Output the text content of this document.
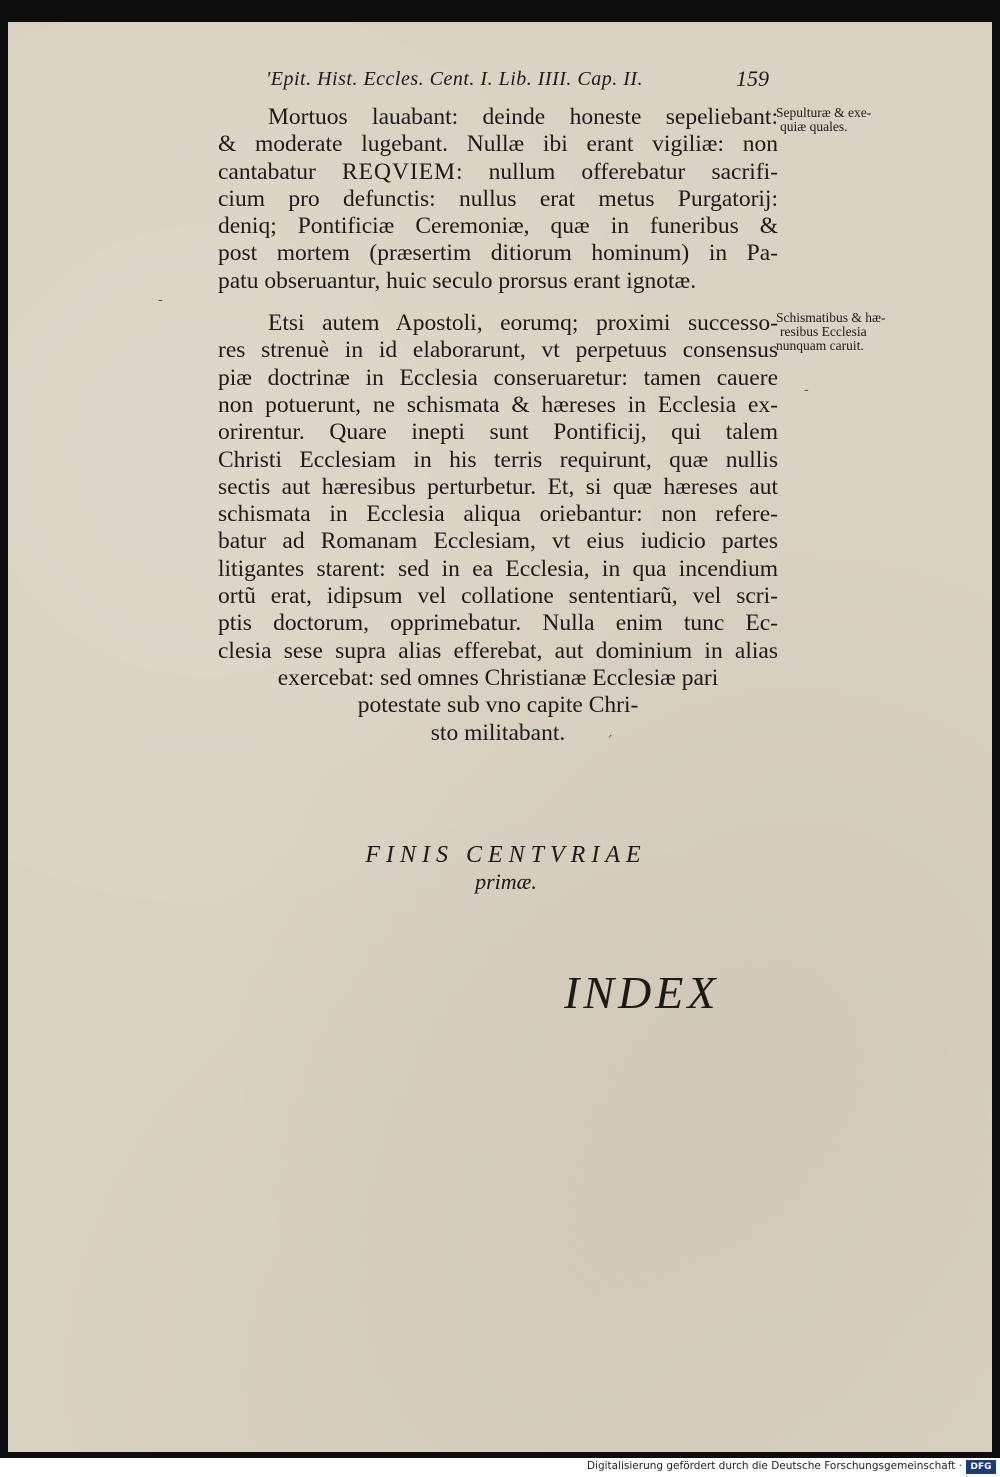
'Epit. Hist. Eccles. Cent. I. Lib. IIII. Cap. II.	159
Mortuos lauabant: deinde honeste sepeliebant:
& moderate lugebant. Nullæ ibi erant vigiliæ: non
cantabatur REQVIEM: nullum offerebatur sacrifi-
cium pro defunctis: nullus erat metus Purgatorij:
deniq; Pontificiæ Ceremoniæ, quæ in funeribus &
post mortem (præsertim ditiorum hominum) in Pa-
patu obseruantur, huic seculo prorsus erant ignotæ.
Etsi autem Apostoli, eorumq; proximi successo-
res strenuè in id elaborarunt, vt perpetuus consensus
piæ doctrinæ in Ecclesia conseruaretur: tamen cauere
non potuerunt, ne schismata & hæreses in Ecclesia ex-
orirentur. Quare inepti sunt Pontificij, qui talem
Christi Ecclesiam in his terris requirunt, quæ nullis
sectis aut hæresibus perturbetur. Et, si quæ hæreses aut
schismata in Ecclesia aliqua oriebantur: non refere-
batur ad Romanam Ecclesiam, vt eius iudicio partes
litigantes starent: sed in ea Ecclesia, in qua incendium
ortũ erat, idipsum vel collatione sententiarũ, vel scri-
ptis doctorum, opprimebatur. Nulla enim tunc Ec-
clesia sese supra alias efferebat, aut dominium in alias
exercebat: sed omnes Christianæ Ecclesiæ pari
potestate sub vno capite Chri-
sto militabant.
Sepulturæ & exe-
quiæ quales.
Schismatibus & hæ-
resibus Ecclesia
nunquam caruit.
FINIS CENTVRIAE
primæ.
INDEX
-
-
´
Digitalisierung gefördert durch die Deutsche Forschungsgemeinschaft · DFG
